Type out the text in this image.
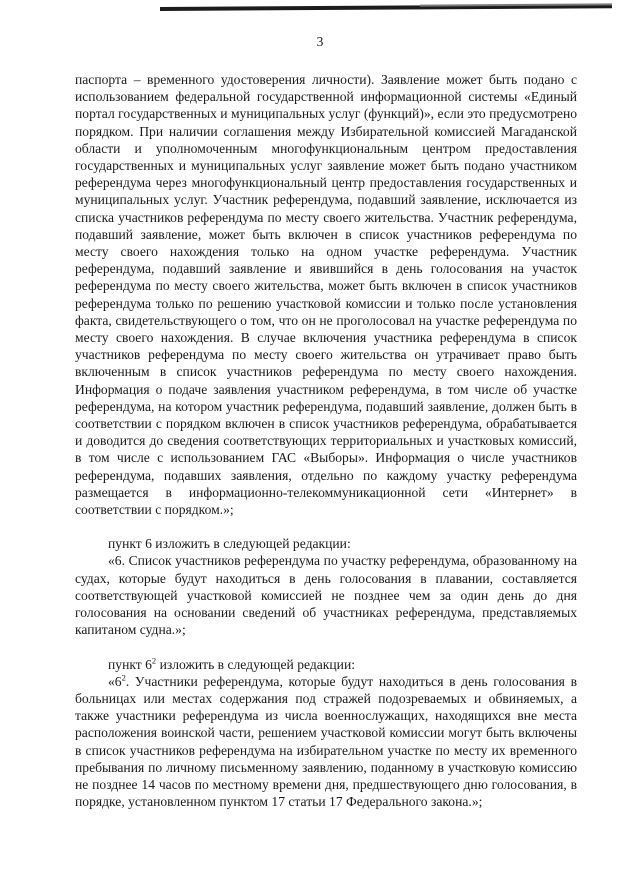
3

паспорта – временного удостоверения личности). Заявление может быть подано с использованием федеральной государственной информационной системы «Единый портал государственных и муниципальных услуг (функций)», если это предусмотрено порядком. При наличии соглашения между Избирательной комиссией Магаданской области и уполномоченным многофункциональным центром предоставления государственных и муниципальных услуг заявление может быть подано участником референдума через многофункциональный центр предоставления государственных и муниципальных услуг. Участник референдума, подавший заявление, исключается из списка участников референдума по месту своего жительства. Участник референдума, подавший заявление, может быть включен в список участников референдума по месту своего нахождения только на одном участке референдума. Участник референдума, подавший заявление и явившийся в день голосования на участок референдума по месту своего жительства, может быть включен в список участников референдума только по решению участковой комиссии и только после установления факта, свидетельствующего о том, что он не проголосовал на участке референдума по месту своего нахождения. В случае включения участника референдума в список участников референдума по месту своего жительства он утрачивает право быть включенным в список участников референдума по месту своего нахождения. Информация о подаче заявления участником референдума, в том числе об участке референдума, на котором участник референдума, подавший заявление, должен быть в соответствии с порядком включен в список участников референдума, обрабатывается и доводится до сведения соответствующих территориальных и участковых комиссий, в том числе с использованием ГАС «Выборы». Информация о числе участников референдума, подавших заявления, отдельно по каждому участку референдума размещается в информационно-телекоммуникационной сети «Интернет» в соответствии с порядком.»;

пункт 6 изложить в следующей редакции:

«6. Список участников референдума по участку референдума, образованному на судах, которые будут находиться в день голосования в плавании, составляется соответствующей участковой комиссией не позднее чем за один день до дня голосования на основании сведений об участниках референдума, представляемых капитаном судна.»;

пункт $6^2$ изложить в следующей редакции:

«$6^2$. Участники референдума, которые будут находиться в день голосования в больницах или местах содержания под стражей подозреваемых и обвиняемых, а также участники референдума из числа военнослужащих, находящихся вне места расположения воинской части, решением участковой комиссии могут быть включены в список участников референдума на избирательном участке по месту их временного пребывания по личному письменному заявлению, поданному в участковую комиссию не позднее 14 часов по местному времени дня, предшествующего дню голосования, в порядке, установленном пунктом 17 статьи 17 Федерального закона.»;
